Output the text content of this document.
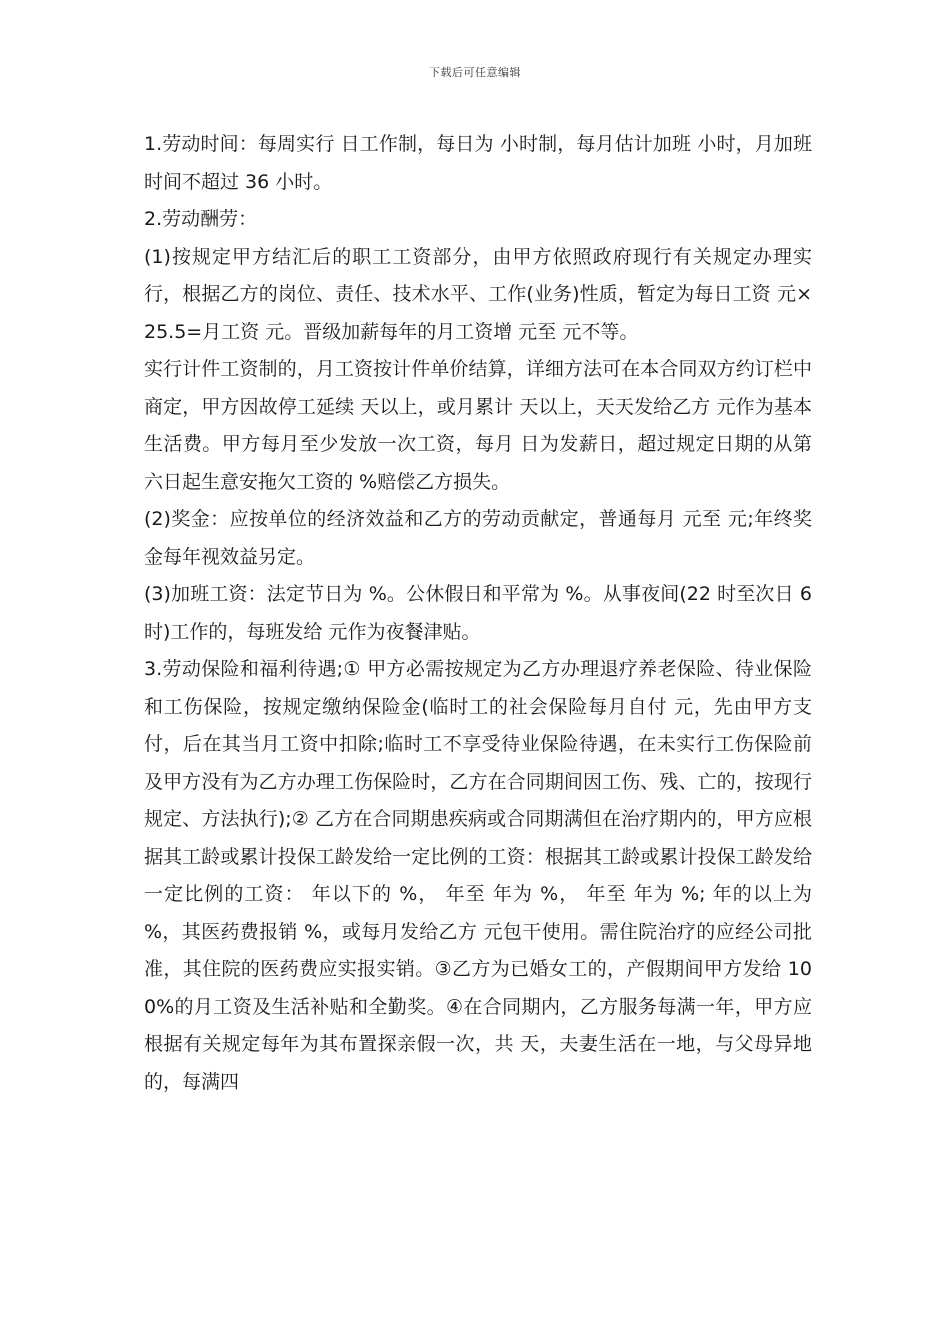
下载后可任意编辑

1.劳动时间：每周实行 日工作制，每日为 小时制，每月估计加班 小时，月加班时间不超过 36 小时。

2.劳动酬劳：

(1)按规定甲方结汇后的职工工资部分，由甲方依照政府现行有关规定办理实行，根据乙方的岗位、责任、技术水平、工作(业务)性质，暂定为每日工资 元×25.5=月工资 元。晋级加薪每年的月工资增 元至 元不等。

实行计件工资制的，月工资按计件单价结算，详细方法可在本合同双方约订栏中商定，甲方因故停工延续 天以上，或月累计 天以上，天天发给乙方 元作为基本生活费。甲方每月至少发放一次工资，每月 日为发薪日，超过规定日期的从第六日起生意安拖欠工资的 %赔偿乙方损失。

(2)奖金：应按单位的经济效益和乙方的劳动贡献定，普通每月 元至 元;年终奖金每年视效益另定。

(3)加班工资：法定节日为 %。公休假日和平常为 %。从事夜间(22 时至次日 6 时)工作的，每班发给 元作为夜餐津贴。

3.劳动保险和福利待遇;① 甲方必需按规定为乙方办理退疗养老保险、待业保险和工伤保险，按规定缴纳保险金(临时工的社会保险每月自付 元，先由甲方支付，后在其当月工资中扣除;临时工不享受待业保险待遇，在未实行工伤保险前及甲方没有为乙方办理工伤保险时，乙方在合同期间因工伤、残、亡的，按现行规定、方法执行);② 乙方在合同期患疾病或合同期满但在治疗期内的，甲方应根据其工龄或累计投保工龄发给一定比例的工资：根据其工龄或累计投保工龄发给一定比例的工资： 年以下的 %， 年至 年为 %， 年至 年为 %; 年的以上为 %，其医药费报销 %，或每月发给乙方 元包干使用。需住院治疗的应经公司批准，其住院的医药费应实报实销。③乙方为已婚女工的，产假期间甲方发给 100%的月工资及生活补贴和全勤奖。④在合同期内，乙方服务每满一年，甲方应根据有关规定每年为其布置探亲假一次，共 天，夫妻生活在一地，与父母异地的，每满四
